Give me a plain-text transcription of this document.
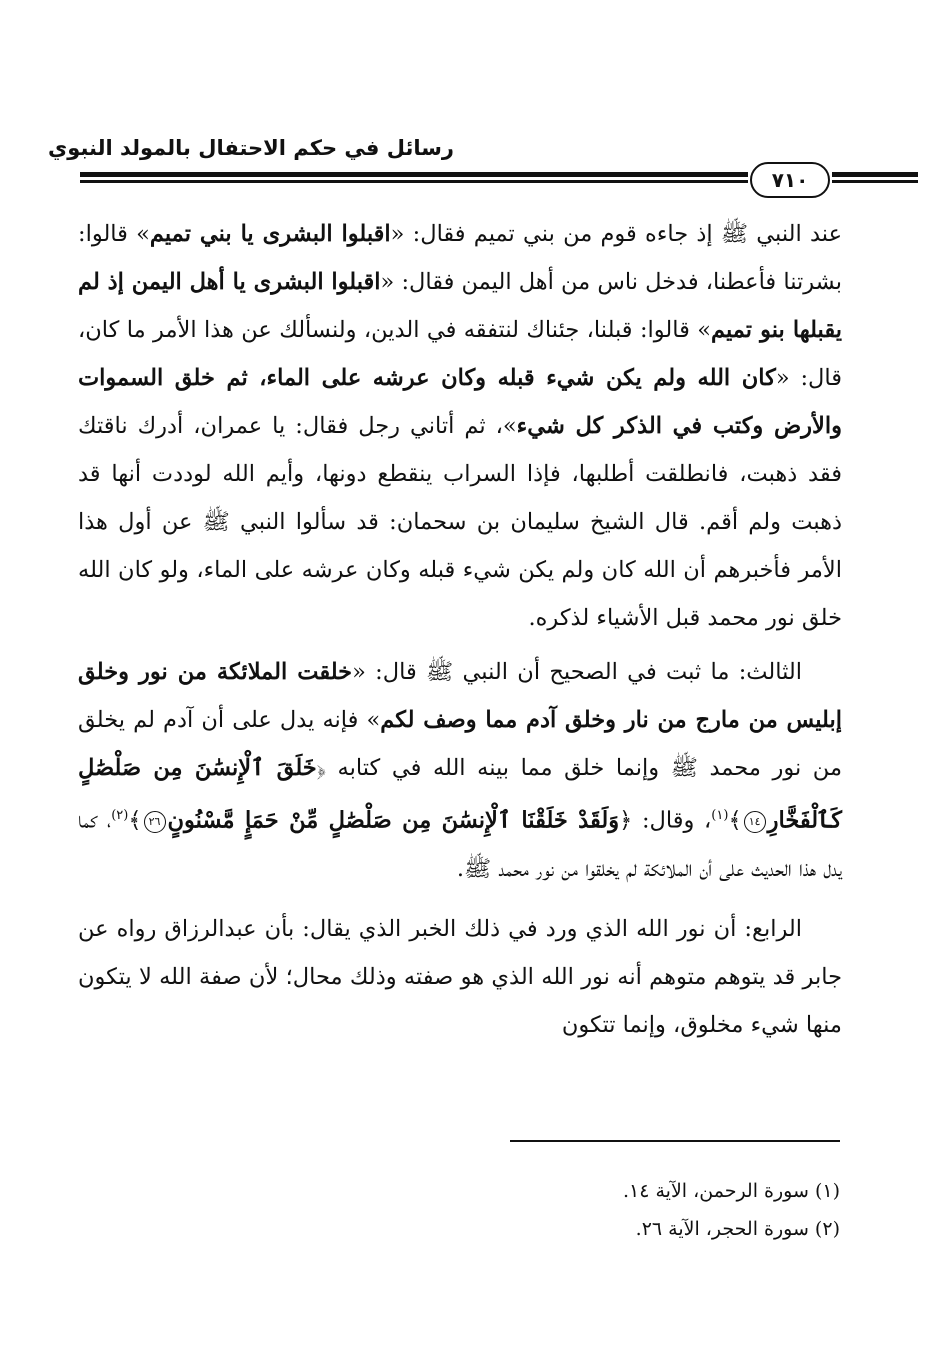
رسائل في حكم الاحتفال بالمولد النبوي
٧١٠

عند النبي ﷺ إذ جاءه قوم من بني تميم فقال: «اقبلوا البشرى يا بني تميم» قالوا: بشرتنا فأعطنا، فدخل ناس من أهل اليمن فقال: «اقبلوا البشرى يا أهل اليمن إذ لم يقبلها بنو تميم» قالوا: قبلنا، جئناك لنتفقه في الدين، ولنسألك عن هذا الأمر ما كان، قال: «كان الله ولم يكن شيء قبله وكان عرشه على الماء، ثم خلق السموات والأرض وكتب في الذكر كل شيء»، ثم أتاني رجل فقال: يا عمران، أدرك ناقتك فقد ذهبت، فانطلقت أطلبها، فإذا السراب ينقطع دونها، وأيم الله لوددت أنها قد ذهبت ولم أقم. قال الشيخ سليمان بن سحمان: قد سألوا النبي ﷺ عن أول هذا الأمر فأخبرهم أن الله كان ولم يكن شيء قبله وكان عرشه على الماء، ولو كان الله خلق نور محمد قبل الأشياء لذكره.

الثالث: ما ثبت في الصحيح أن النبي ﷺ قال: «خلقت الملائكة من نور وخلق إبليس من مارج من نار وخلق آدم مما وصف لكم» فإنه يدل على أن آدم لم يخلق من نور محمد ﷺ وإنما خلق مما بينه الله في كتابه ﴿خَلَقَ ٱلْإِنسَٰنَ مِن صَلْصَٰلٍ كَٱلْفَخَّارِ١٤﴾$^{(١)}$، وقال: ﴿وَلَقَدْ خَلَقْنَا ٱلْإِنسَٰنَ مِن صَلْصَٰلٍ مِّنْ حَمَإٍ مَّسْنُونٍ٢٦﴾$^{(٢)}$، كما يدل هذا الحديث على أن الملائكة لم يخلقوا من نور محمد ﷺ.

الرابع: أن نور الله الذي ورد في ذلك الخبر الذي يقال: بأن عبدالرزاق رواه عن جابر قد يتوهم متوهم أنه نور الله الذي هو صفته وذلك محال؛ لأن صفة الله لا يتكون منها شيء مخلوق، وإنما تتكون

(١) سورة الرحمن، الآية ١٤.
(٢) سورة الحجر، الآية ٢٦.
